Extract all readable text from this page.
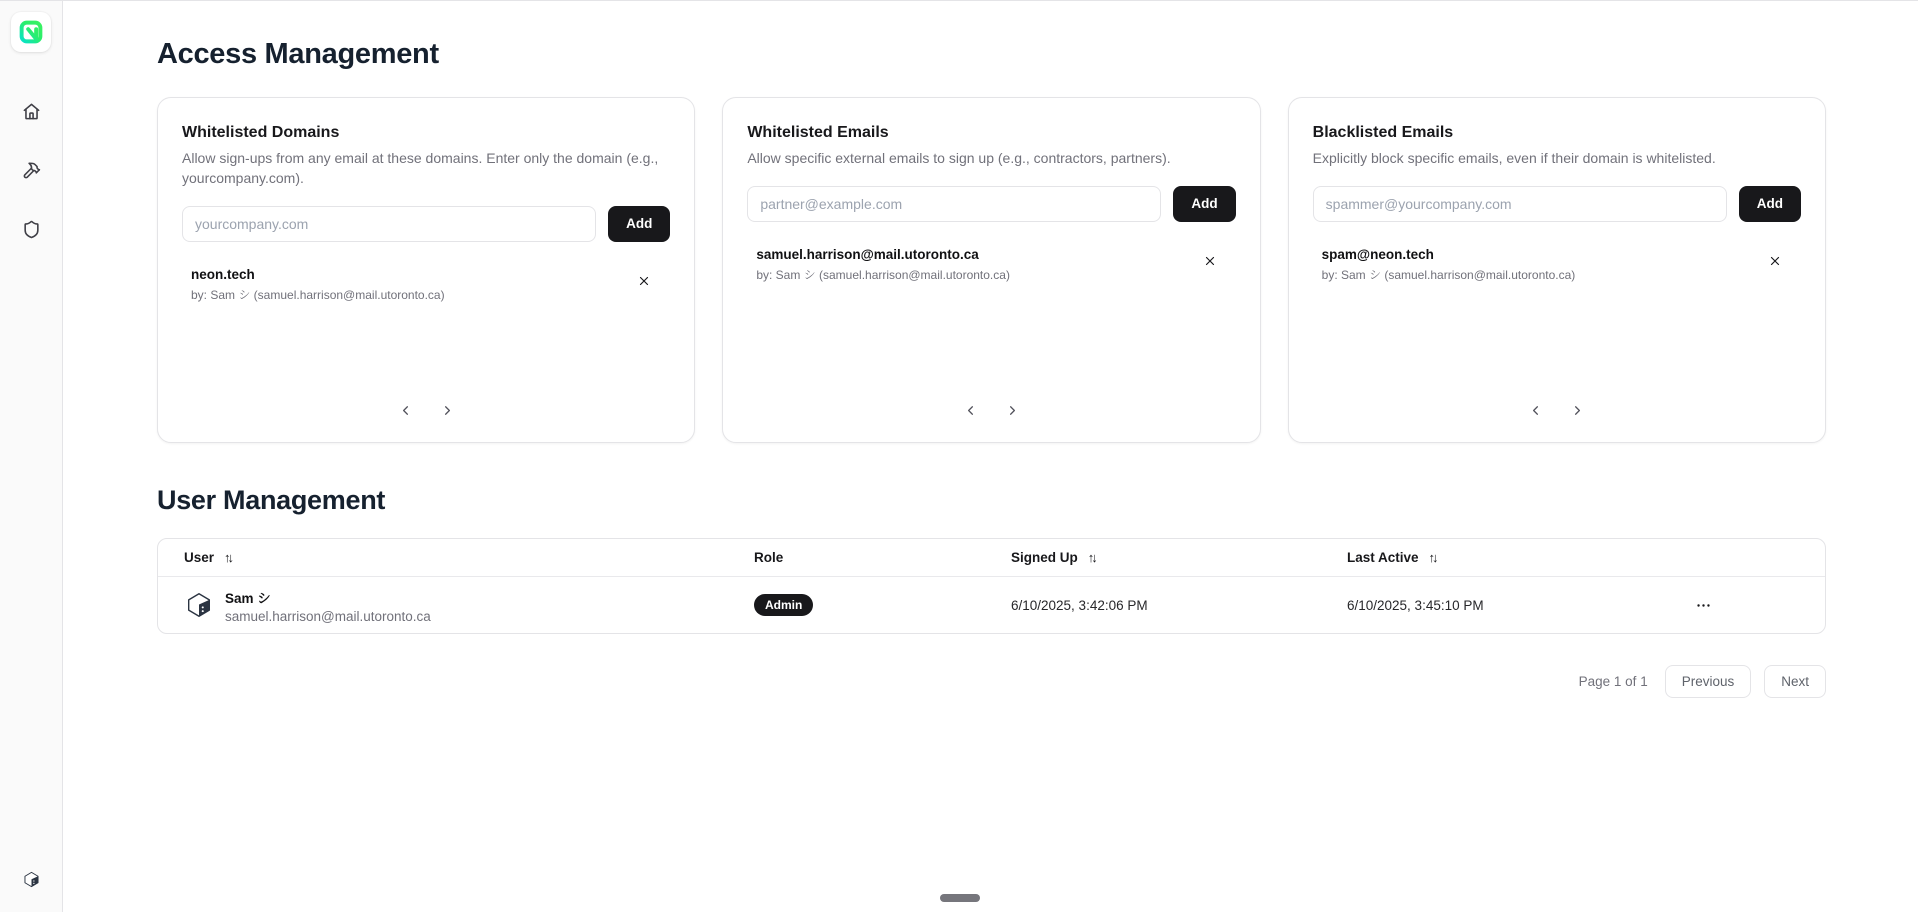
Access Management
Whitelisted Domains

Allow sign-ups from any email at these domains. Enter only the domain (e.g., yourcompany.com).

yourcompany.com
Add
neon.tech
by: Sam シ (samuel.harrison@mail.utoronto.ca)
Whitelisted Emails

Allow specific external emails to sign up (e.g., contractors, partners).

partner@example.com
Add
samuel.harrison@mail.utoronto.ca
by: Sam シ (samuel.harrison@mail.utoronto.ca)
Blacklisted Emails

Explicitly block specific emails, even if their domain is whitelisted.

spammer@yourcompany.com
Add
spam@neon.tech
by: Sam シ (samuel.harrison@mail.utoronto.ca)
User Management
User ↑↓	Role	Signed Up ↑↓	Last Active ↑↓
Sam シ
samuel.harrison@mail.utoronto.ca
Admin	6/10/2025, 3:42:06 PM	6/10/2025, 3:45:10 PM
Page 1 of 1	Previous	Next
